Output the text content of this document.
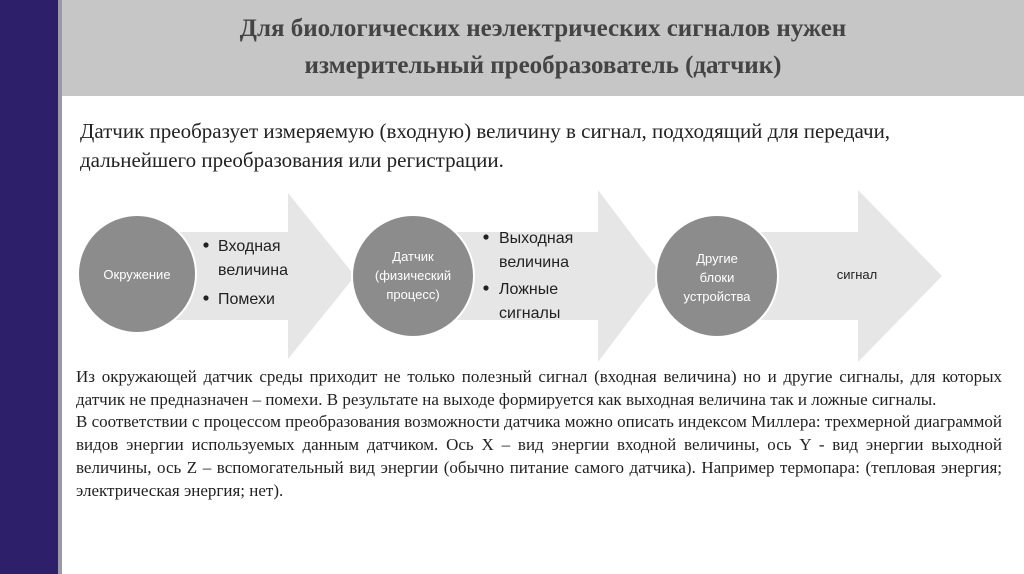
Для биологических неэлектрических сигналов нужен
измерительный преобразователь (датчик)
Датчик преобразует измеряемую (входную) величину в сигнал, подходящий для передачи, дальнейшего преобразования или регистрации.
Окружение
Датчик
(физический
процесс)
Другие
блоки
устройства
Входная
величина
Помехи
Выходная
величина
Ложные
сигналы
сигнал

Из окружающей датчик среды приходит не только полезный сигнал (входная величина) но и другие сигналы, для которых датчик не предназначен – помехи. В результате на выходе формируется как выходная величина так и ложные сигналы.

В соответствии с процессом преобразования возможности датчика можно описать индексом Миллера: трехмерной диаграммой видов энергии используемых данным датчиком. Ось X – вид энергии входной величины, ось Y - вид энергии выходной величины, ось Z – вспомогательный вид энергии (обычно питание самого датчика). Например термопара: (тепловая энергия; электрическая энергия; нет).
